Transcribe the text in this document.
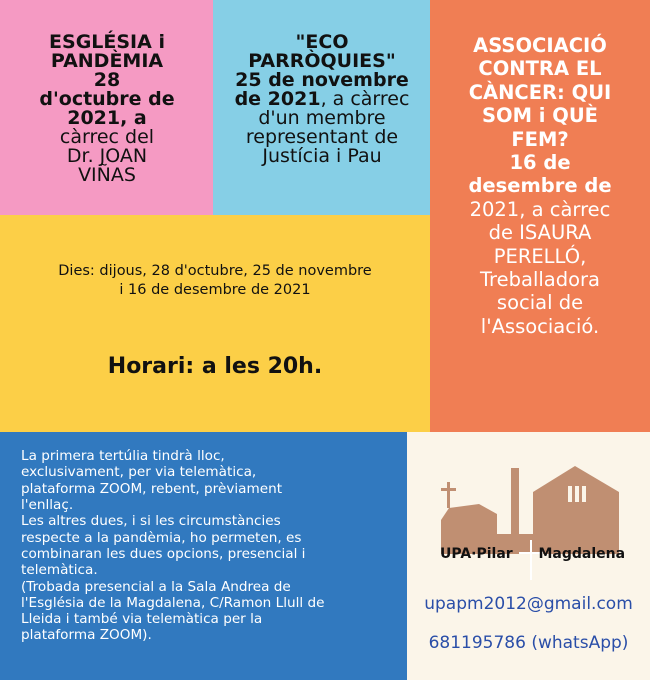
ESGLÉSIA i
PANDÈMIA
28
d'octubre de
2021, a
càrrec del
Dr. JOAN
VIÑAS
"ECO
PARRÒQUIES"
25 de novembre
de 2021, a càrrec
d'un membre
representant de
Justícia i Pau
ASSOCIACIÓ
CONTRA EL
CÀNCER: QUI
SOM i QUÈ
FEM?
16 de
desembre de
2021, a càrrec
de ISAURA
PERELLÓ,
Treballadora
social de
l'Associació.
Dies: dijous, 28 d'octubre, 25 de novembre
i 16 de desembre de 2021
Horari: a les 20h.
La primera tertúlia tindrà lloc,
exclusivament, per via telemàtica,
plataforma ZOOM, rebent, prèviament
l'enllaç.
Les altres dues, i si les circumstàncies
respecte a la pandèmia, ho permeten, es
combinaran les dues opcions, presencial i
telemàtica.
(Trobada presencial a la Sala Andrea de
l'Església de la Magdalena, C/Ramon Llull de
Lleida i també via telemàtica per la
plataforma ZOOM).
UPA·Pilar Magdalena
upapm2012@gmail.com
681195786 (whatsApp)
